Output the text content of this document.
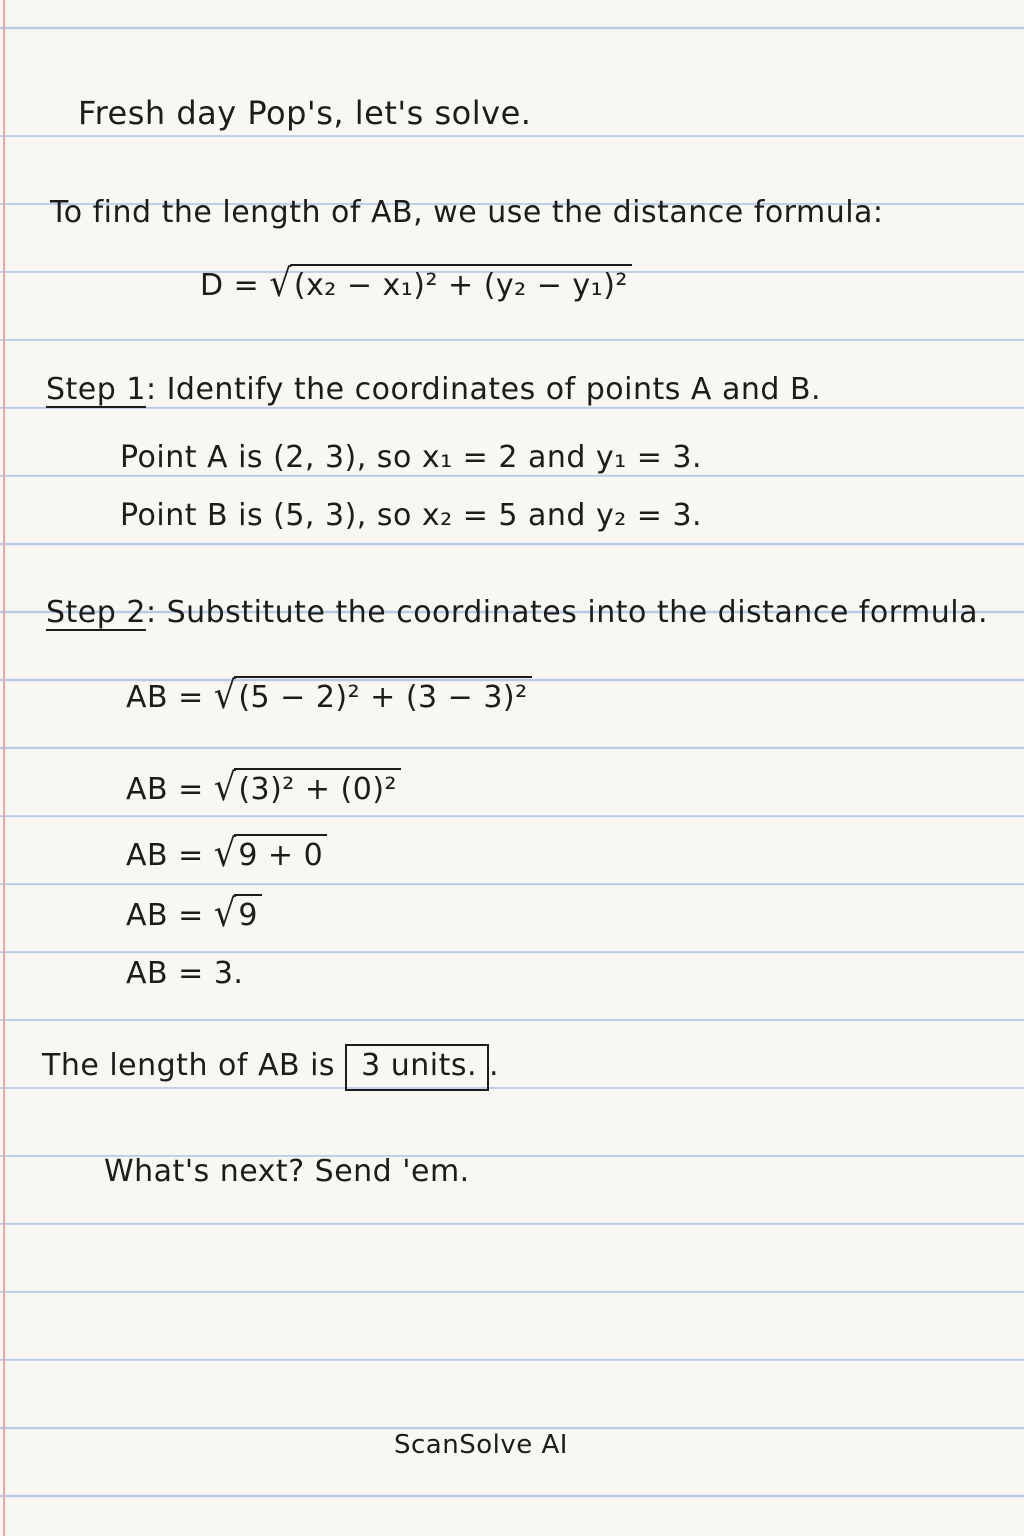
Fresh day Pop's, let's solve.
To find the length of AB, we use the distance formula:
D = √(x₂ − x₁)² + (y₂ − y₁)²
Step 1: Identify the coordinates of points A and B.
Point A is (2, 3), so x₁ = 2 and y₁ = 3.
Point B is (5, 3), so x₂ = 5 and y₂ = 3.
Step 2: Substitute the coordinates into the distance formula.
AB = √(5 − 2)² + (3 − 3)²
AB = √(3)² + (0)²
AB = √9 + 0
AB = √9
AB = 3.
The length of AB is 3 units. .
What's next? Send 'em.
ScanSolve AI
